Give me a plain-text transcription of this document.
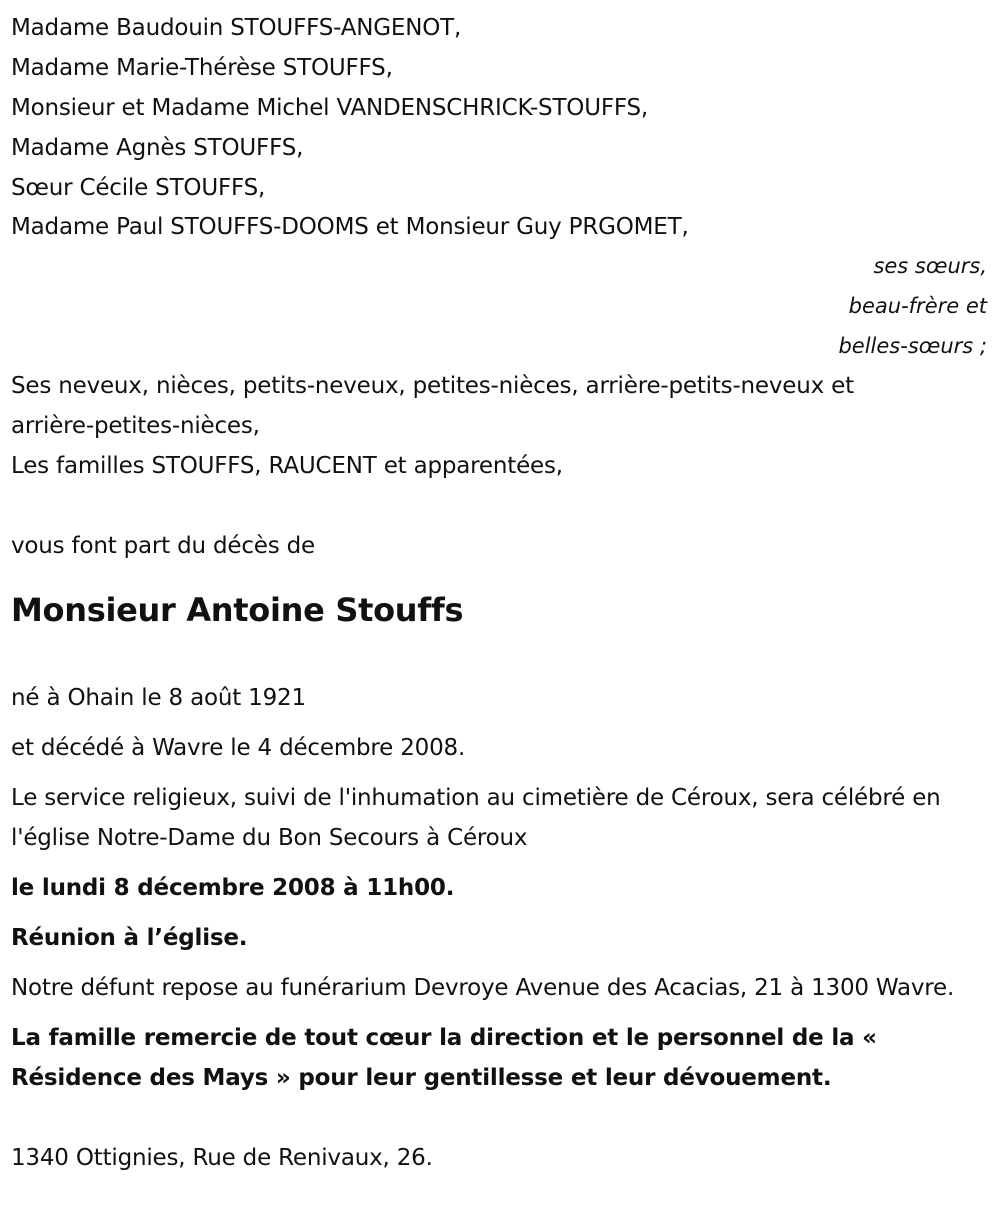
Madame Baudouin STOUFFS-ANGENOT,
Madame Marie-Thérèse STOUFFS,
Monsieur et Madame Michel VANDENSCHRICK-STOUFFS,
Madame Agnès STOUFFS,
Sœur Cécile STOUFFS,
Madame Paul STOUFFS-DOOMS et Monsieur Guy PRGOMET,
ses sœurs,
beau-frère et
belles-sœurs ;
Ses neveux, nièces, petits-neveux, petites-nièces, arrière-petits-neveux et
arrière-petites-nièces,
Les familles STOUFFS, RAUCENT et apparentées,
vous font part du décès de
Monsieur Antoine Stouffs
né à Ohain le 8 août 1921
et décédé à Wavre le 4 décembre 2008.
Le service religieux, suivi de l'inhumation au cimetière de Céroux, sera célébré en l'église Notre-Dame du Bon Secours à Céroux
le lundi 8 décembre 2008 à 11h00.
Réunion à l’église.
Notre défunt repose au funérarium Devroye Avenue des Acacias, 21 à 1300 Wavre.
La famille remercie de tout cœur la direction et le personnel de la « Résidence des Mays » pour leur gentillesse et leur dévouement.
1340 Ottignies, Rue de Renivaux, 26.
